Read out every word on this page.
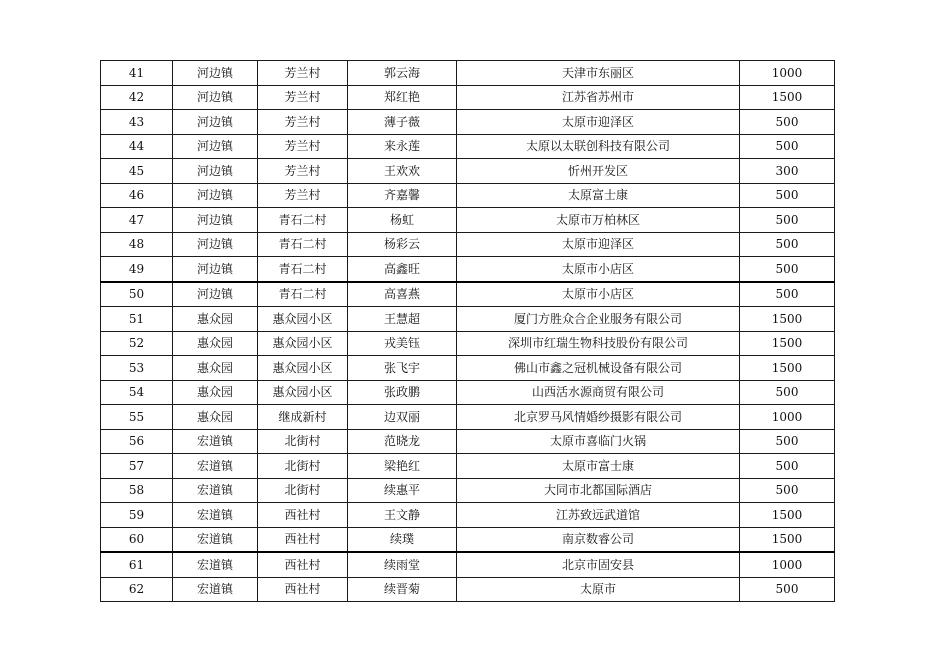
41	河边镇	芳兰村	郭云海	天津市东丽区	1000
42	河边镇	芳兰村	郑红艳	江苏省苏州市	1500
43	河边镇	芳兰村	薄子薇	太原市迎泽区	500
44	河边镇	芳兰村	来永莲	太原以太联创科技有限公司	500
45	河边镇	芳兰村	王欢欢	忻州开发区	300
46	河边镇	芳兰村	齐嘉馨	太原富士康	500
47	河边镇	青石二村	杨虹	太原市万柏林区	500
48	河边镇	青石二村	杨彩云	太原市迎泽区	500
49	河边镇	青石二村	高鑫旺	太原市小店区	500
50	河边镇	青石二村	高喜燕	太原市小店区	500
51	惠众园	惠众园小区	王慧超	厦门方胜众合企业服务有限公司	1500
52	惠众园	惠众园小区	戎美钰	深圳市红瑞生物科技股份有限公司	1500
53	惠众园	惠众园小区	张飞宇	佛山市鑫之冠机械设备有限公司	1500
54	惠众园	惠众园小区	张政鹏	山西活水源商贸有限公司	500
55	惠众园	继成新村	边双丽	北京罗马风情婚纱摄影有限公司	1000
56	宏道镇	北街村	范晓龙	太原市喜临门火锅	500
57	宏道镇	北街村	梁艳红	太原市富士康	500
58	宏道镇	北街村	续惠平	大同市北都国际酒店	500
59	宏道镇	西社村	王文静	江苏致远武道馆	1500
60	宏道镇	西社村	续璞	南京数睿公司	1500
61	宏道镇	西社村	续雨堂	北京市固安县	1000
62	宏道镇	西社村	续晋菊	太原市	500
